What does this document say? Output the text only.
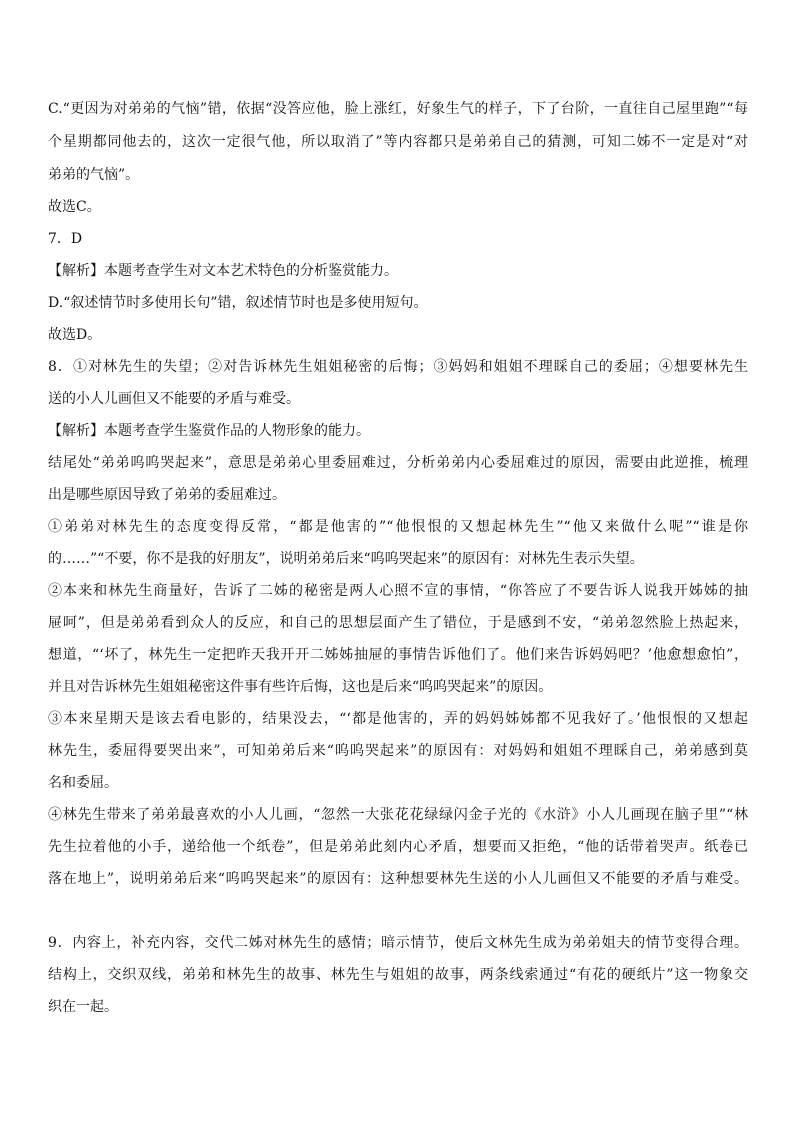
C.“更因为对弟弟的气恼”错，依据“没答应他，脸上涨红，好象生气的样子，下了台阶，一直往自己屋里跑”“每

个星期都同他去的，这次一定很气他，所以取消了”等内容都只是弟弟自己的猜测，可知二姊不一定是对“对

弟弟的气恼”。

故选C。

7．D

【解析】本题考查学生对文本艺术特色的分析鉴赏能力。

D.“叙述情节时多使用长句”错，叙述情节时也是多使用短句。

故选D。

8．①对林先生的失望；②对告诉林先生姐姐秘密的后悔；③妈妈和姐姐不理睬自己的委屈；④想要林先生

送的小人儿画但又不能要的矛盾与难受。

【解析】本题考查学生鉴赏作品的人物形象的能力。

结尾处“弟弟呜呜哭起来”，意思是弟弟心里委屈难过，分析弟弟内心委屈难过的原因，需要由此逆推，梳理

出是哪些原因导致了弟弟的委屈难过。

①弟弟对林先生的态度变得反常，“都是他害的”“他恨恨的又想起林先生”“他又来做什么呢”“谁是你

的……”“不要，你不是我的好朋友”，说明弟弟后来“呜呜哭起来”的原因有：对林先生表示失望。

②本来和林先生商量好，告诉了二姊的秘密是两人心照不宣的事情，“你答应了不要告诉人说我开姊姊的抽

屉呵”，但是弟弟看到众人的反应，和自己的思想层面产生了错位，于是感到不安，“弟弟忽然脸上热起来，

想道，“‘坏了，林先生一定把昨天我开开二姊姊抽屉的事情告诉他们了。他们来告诉妈妈吧？’他愈想愈怕”，

并且对告诉林先生姐姐秘密这件事有些许后悔，这也是后来“呜呜哭起来”的原因。

③本来星期天是该去看电影的，结果没去，“‘都是他害的，弄的妈妈姊姊都不见我好了。’他恨恨的又想起

林先生，委屈得要哭出来”，可知弟弟后来“呜呜哭起来”的原因有：对妈妈和姐姐不理睬自己，弟弟感到莫

名和委屈。

④林先生带来了弟弟最喜欢的小人儿画，“忽然一大张花花绿绿闪金子光的《水浒》小人儿画现在脑子里”“林

先生拉着他的小手，递给他一个纸卷”，但是弟弟此刻内心矛盾，想要而又拒绝，“他的话带着哭声。纸卷已

落在地上”，说明弟弟后来“呜呜哭起来”的原因有：这种想要林先生送的小人儿画但又不能要的矛盾与难受。

9．内容上，补充内容，交代二姊对林先生的感情；暗示情节，使后文林先生成为弟弟姐夫的情节变得合理。

结构上，交织双线，弟弟和林先生的故事、林先生与姐姐的故事，两条线索通过“有花的硬纸片”这一物象交

织在一起。
